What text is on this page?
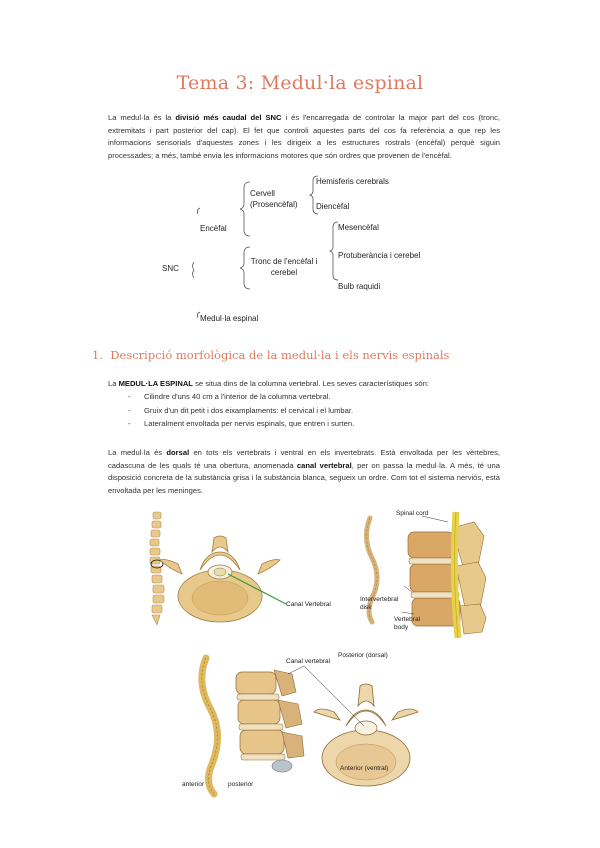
Tema 3: Medul·la espinal
La medul·la és la divisió més caudal del SNC i és l'encarregada de controlar la major part del cos (tronc, extremitats i part posterior del cap). El fet que controli aquestes parts del cos fa referència a que rep les informacions sensorials d'aquestes zones i les dirigeix a les estructures rostrals (encèfal) perquè siguin processades; a més, també envia les informacions motores que són ordres que provenen de l'encèfal.
SNC
Encèfal
Cervell (Prosencèfal)
Hemisferis cerebrals
Diencèfal
Tronc de l'encèfal i cerebel
Mesencèfal
Protuberància i cerebel
Bulb raquidi
Medul·la espinal
1. Descripció morfològica de la medul·la i els nervis espinals
La MEDUL·LA ESPINAL se situa dins de la columna vertebral. Les seves característiques són:
- Cilindre d'uns 40 cm a l'interior de la columna vertebral.
- Gruix d'un dit petit i dos eixamplaments: el cervical i el lumbar.
- Lateralment envoltada per nervis espinals, que entren i surten.
La medul·la és dorsal en tots els vertebrats i ventral en els invertebrats. Està envoltada per les vèrtebres, cadascuna de les quals té una obertura, anomenada canal vertebral, per on passa la medul·la. A més, té una disposició concreta de la substància grisa i la substància blanca, segueix un ordre. Com tot el sistema nerviós, està envoltada per les meninges.
Canal Vertebral
Spinal cord
Intervertebral disk
Vertebral body
Canal vertebral
Posterior (dorsal)
Anterior (ventral)
anterior	posterior
